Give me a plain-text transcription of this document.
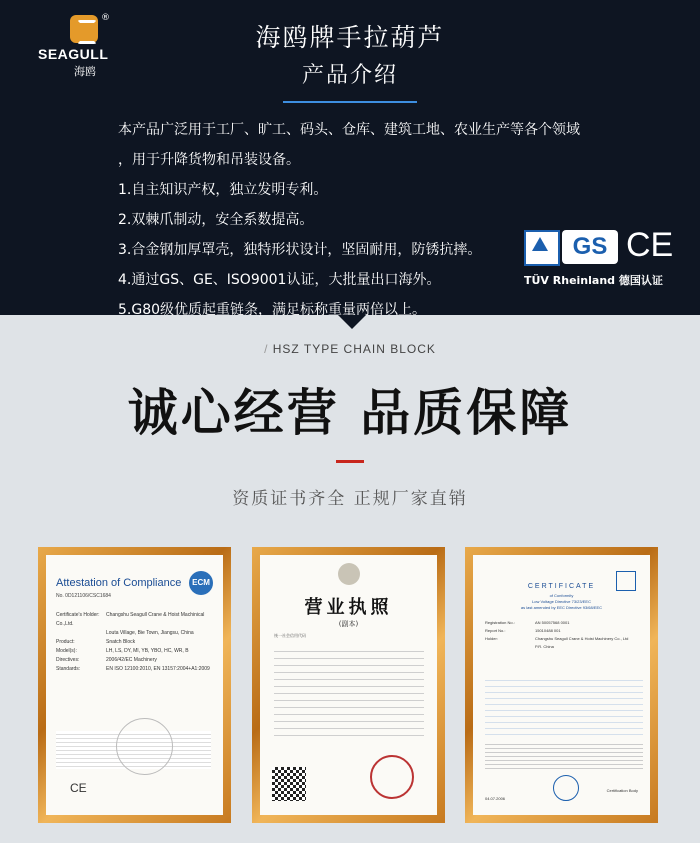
®
SEAGULL
海鸥
海鸥牌手拉葫芦
产品介绍
本产品广泛用于工厂、旷工、码头、仓库、建筑工地、农业生产等各个领域
，用于升降货物和吊装设备。
1.自主知识产权，独立发明专利。
2.双棘爪制动，安全系数提高。
3.合金钢加厚罩壳，独特形状设计，坚固耐用，防锈抗摔。
4.通过GS、GE、ISO9001认证，大批量出口海外。
5.G80级优质起重链条，满足标称重量两倍以上。
GS CE
TÜV Rheinland 德国认证
/ HSZ TYPE CHAIN BLOCK
诚心经营 品质保障
资质证书齐全 正规厂家直销
Attestation of Compliance
No. 0D121106/CSC1684
ECM
Certificate's Holder: Changshu Seagull Crane & Hoist Machinical Co.,Ltd.
Louta Village, Bie Town, Jiangsu, China
Product:	Snatch Block
Model(s):	LH, LS, DY, MI, YB, YBO, HC, WR, B
Directives:	2006/42/EC Machinery
Standards:	EN ISO 12100:2010, EN 13157:2004+A1:2009
CE
营业执照
(副本)
统一社会信用代码
CERTIFICATE
of Conformity
Low Voltage Directive 73/23/EEC
as last amended by EEC Directive 93/68/EEC
Registration No.:	AN 50057568 0001
Report No.:	15010488 001
Holder:	Changshu Seagull Crane & Hoist Machinery Co., Ltd
P.R. China
04.07.2006
Certification Body
